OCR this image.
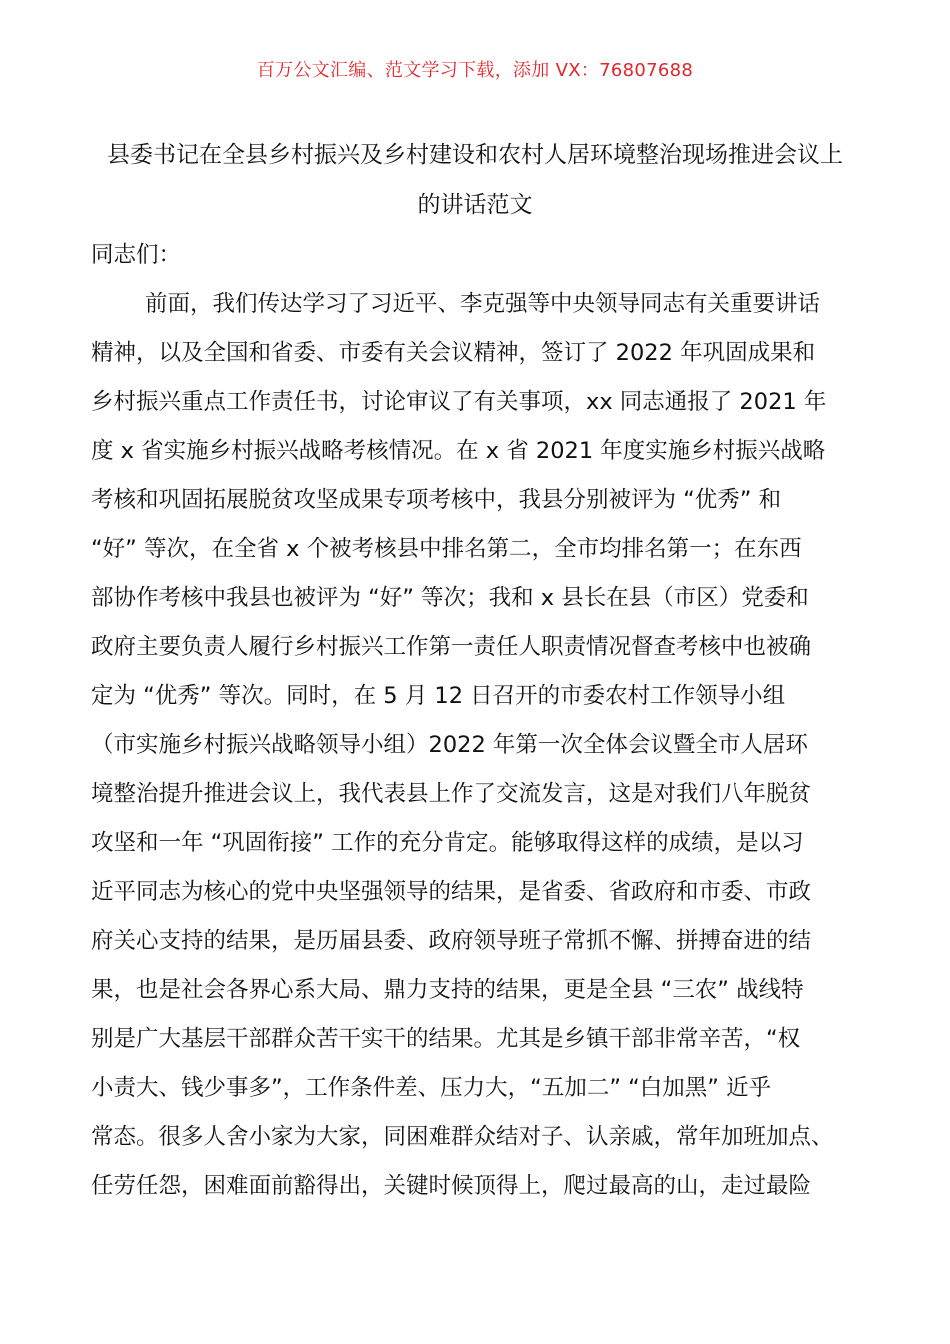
百万公文汇编、范文学习下载，添加 VX：76807688
县委书记在全县乡村振兴及乡村建设和农村人居环境整治现场推进会议上
的讲话范文
同志们：
前面，我们传达学习了习近平、李克强等中央领导同志有关重要讲话
精神，以及全国和省委、市委有关会议精神，签订了 2022 年巩固成果和
乡村振兴重点工作责任书，讨论审议了有关事项，xx 同志通报了 2021 年
度 x 省实施乡村振兴战略考核情况。在 x 省 2021 年度实施乡村振兴战略
考核和巩固拓展脱贫攻坚成果专项考核中，我县分别被评为 “优秀” 和
“好” 等次，在全省 x 个被考核县中排名第二，全市均排名第一；在东西
部协作考核中我县也被评为 “好” 等次；我和 x 县长在县（市区）党委和
政府主要负责人履行乡村振兴工作第一责任人职责情况督查考核中也被确
定为 “优秀” 等次。同时，在 5 月 12 日召开的市委农村工作领导小组
（市实施乡村振兴战略领导小组）2022 年第一次全体会议暨全市人居环
境整治提升推进会议上，我代表县上作了交流发言，这是对我们八年脱贫
攻坚和一年 “巩固衔接” 工作的充分肯定。能够取得这样的成绩，是以习
近平同志为核心的党中央坚强领导的结果，是省委、省政府和市委、市政
府关心支持的结果，是历届县委、政府领导班子常抓不懈、拼搏奋进的结
果，也是社会各界心系大局、鼎力支持的结果，更是全县 “三农” 战线特
别是广大基层干部群众苦干实干的结果。尤其是乡镇干部非常辛苦，“权
小责大、钱少事多”，工作条件差、压力大，“五加二” “白加黑” 近乎
常态。很多人舍小家为大家，同困难群众结对子、认亲戚，常年加班加点、
任劳任怨，困难面前豁得出，关键时候顶得上，爬过最高的山，走过最险
